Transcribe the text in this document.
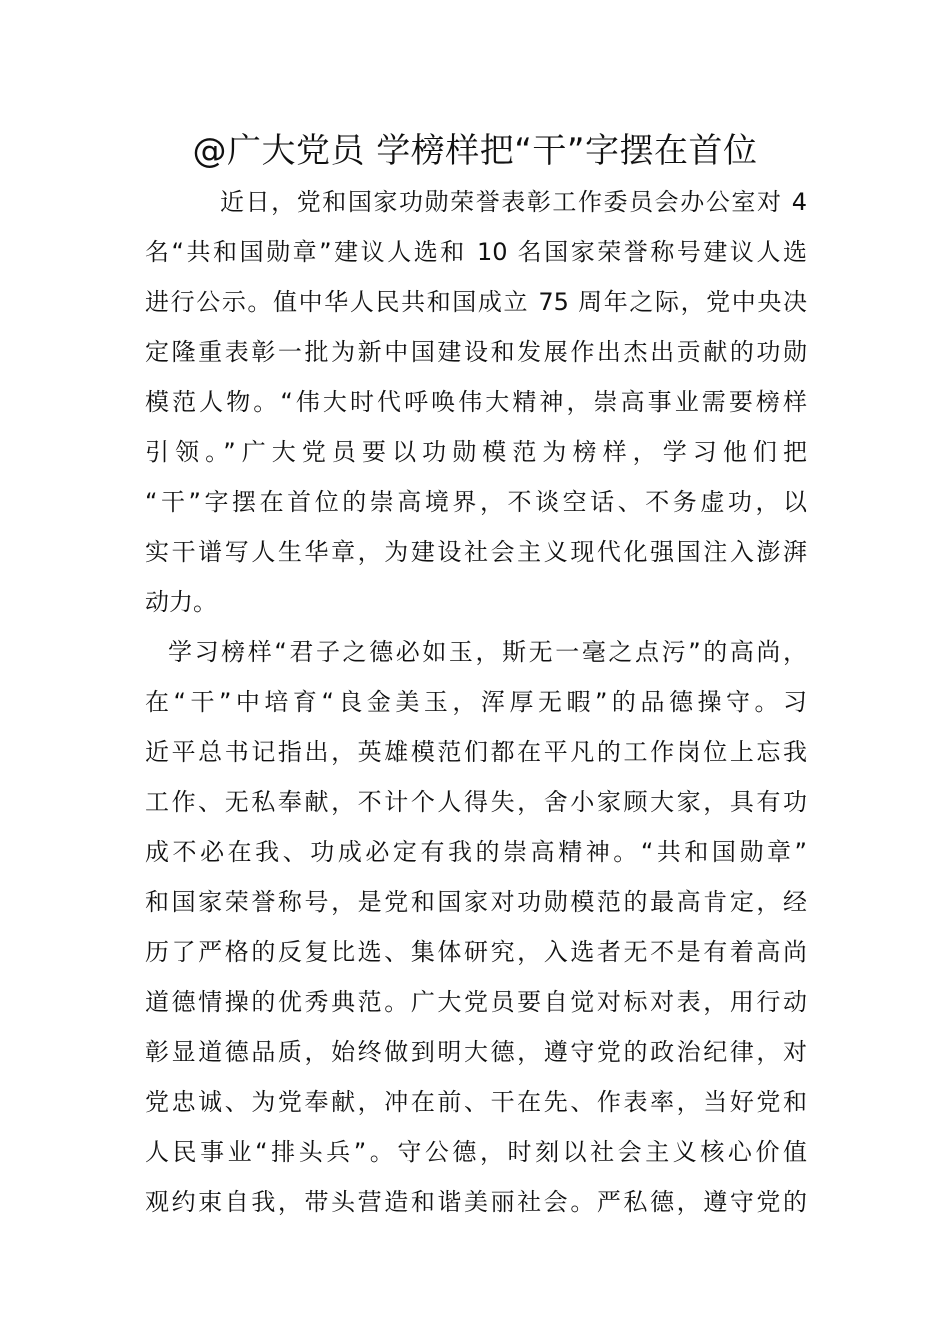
@广大党员 学榜样把“干”字摆在首位
近日，党和国家功勋荣誉表彰工作委员会办公室对 4
名“共和国勋章”建议人选和 10 名国家荣誉称号建议人选
进行公示。值中华人民共和国成立 75 周年之际，党中央决
定隆重表彰一批为新中国建设和发展作出杰出贡献的功勋
模范人物。“伟大时代呼唤伟大精神，崇高事业需要榜样
引领。”广大党员要以功勋模范为榜样，学习他们把
“干”字摆在首位的崇高境界，不谈空话、不务虚功，以
实干谱写人生华章，为建设社会主义现代化强国注入澎湃
动力。
学习榜样“君子之德必如玉，斯无一毫之点污”的高尚，
在“干”中培育“良金美玉，浑厚无暇”的品德操守。习
近平总书记指出，英雄模范们都在平凡的工作岗位上忘我
工作、无私奉献，不计个人得失，舍小家顾大家，具有功
成不必在我、功成必定有我的崇高精神。“共和国勋章”
和国家荣誉称号，是党和国家对功勋模范的最高肯定，经
历了严格的反复比选、集体研究，入选者无不是有着高尚
道德情操的优秀典范。广大党员要自觉对标对表，用行动
彰显道德品质，始终做到明大德，遵守党的政治纪律，对
党忠诚、为党奉献，冲在前、干在先、作表率，当好党和
人民事业“排头兵”。守公德，时刻以社会主义核心价值
观约束自我，带头营造和谐美丽社会。严私德，遵守党的
